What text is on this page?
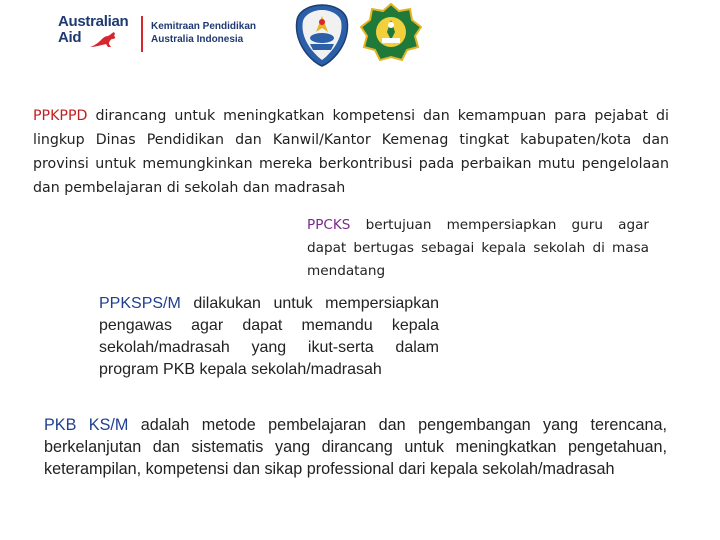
Australian
Aid
Kemitraan Pendidikan
Australia Indonesia
PPKPPD dirancang untuk meningkatkan kompetensi dan kemampuan para pejabat di lingkup Dinas Pendidikan dan Kanwil/Kantor Kemenag tingkat kabupaten/kota dan provinsi untuk memungkinkan mereka berkontribusi pada perbaikan mutu pengelolaan dan pembelajaran di sekolah dan madrasah
PPCKS bertujuan mempersiapkan guru agar dapat bertugas sebagai kepala sekolah di masa mendatang
PPKSPS/M dilakukan untuk mempersiapkan pengawas agar dapat memandu kepala sekolah/madrasah yang ikut-serta dalam program PKB kepala sekolah/madrasah
PKB KS/M adalah metode pembelajaran dan pengembangan yang terencana, berkelanjutan dan sistematis yang dirancang untuk meningkatkan pengetahuan, keterampilan, kompetensi dan sikap professional dari kepala sekolah/madrasah
